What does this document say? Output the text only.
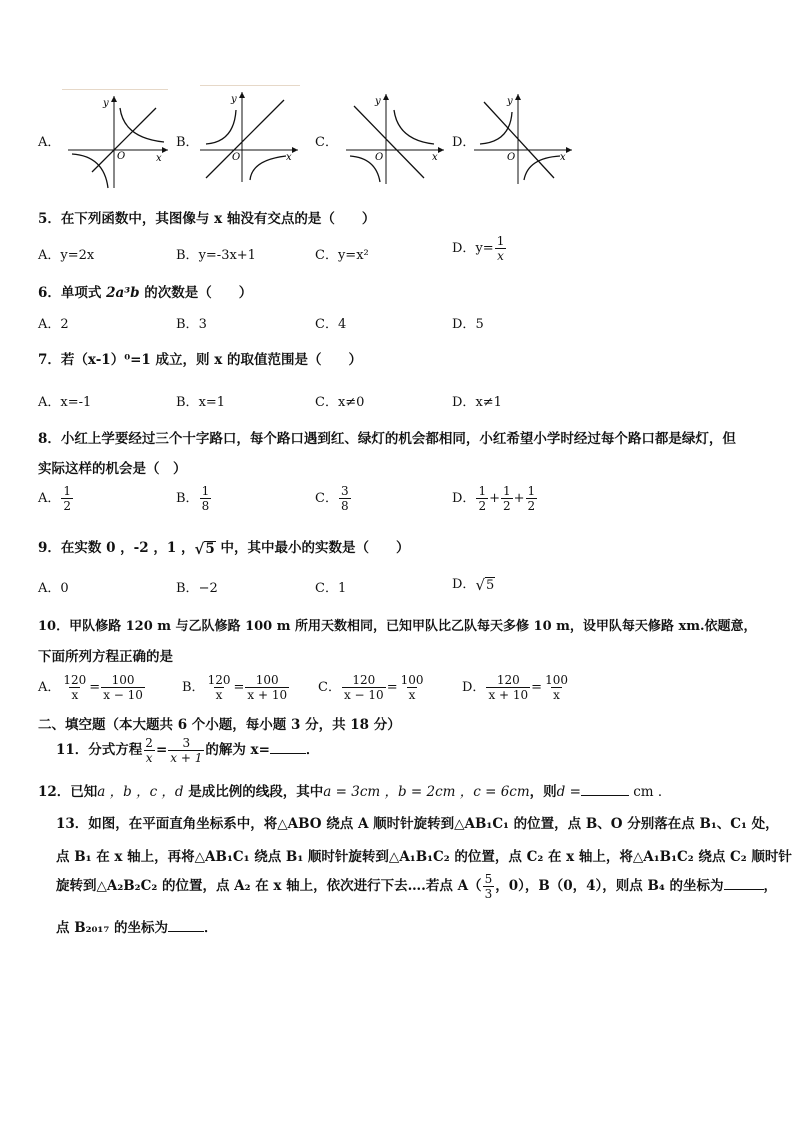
A．
y
x
O
B．
y
x
O
C．
y
x
O
D．
y
x
O
5．在下列函数中，其图像与 x 轴没有交点的是（　　）
A．y=2x	B．y=-3x+1	C．y=x²	D．$y= \frac{1}{x}$
6．单项式 2a³b 的次数是（　　）
A．2	B．3	C．4	D．5
7．若（x-1）⁰=1 成立，则 x 的取值范围是（　　）
A．x=-1	B．x=1	C．x≠0	D．x≠1
8．小红上学要经过三个十字路口，每个路口遇到红、绿灯的机会都相同，小红希望小学时经过每个路口都是绿灯，但
实际这样的机会是（　）
A． $\frac{1}{2}$	B． $\frac{1}{8}$	C． $\frac{3}{8}$	D． $\frac{1}{2} + \frac{1}{2} + \frac{1}{2}$
9．在实数 0 ，-2 ，1 ， √ 5 中，其中最小的实数是（　　）
A．0	B．−2	C．1	D． √ 5
10．甲队修路 120 m 与乙队修路 100 m 所用天数相同，已知甲队比乙队每天多修 10 m，设甲队每天修路 xm.依题意，
下面所列方程正确的是
A． $\frac{120}{x} = \frac{100}{x - 10}$	B． $\frac{120}{x} = \frac{100}{x + 10}$ C． $\frac{120}{x - 10} = \frac{100}{x}$	D． $\frac{120}{x + 10} = \frac{100}{x}$
二、填空题（本大题共 6 个小题，每小题 3 分，共 18 分）
11．分式方程 $\frac{2}{x} = \frac{3}{x + 1}$ 的解为 x=	．
12．已知a ，b ，c ，d 是成比例的线段，其中a = 3cm ，b = 2cm ，c = 6cm，则d =	cm ．
13．如图，在平面直角坐标系中，将△ABO 绕点 A 顺时针旋转到△AB₁C₁ 的位置，点 B、O 分别落在点 B₁、C₁ 处，
点 B₁ 在 x 轴上，再将△AB₁C₁ 绕点 B₁ 顺时针旋转到△A₁B₁C₂ 的位置，点 C₂ 在 x 轴上，将△A₁B₁C₂ 绕点 C₂ 顺时针
旋转到△A₂B₂C₂ 的位置，点 A₂ 在 x 轴上，依次进行下去….若点 $A( \frac{5}{3}$ ，0），B（0，4），则点 B₄ 的坐标为	，
点 B₂₀₁₇ 的坐标为	．
